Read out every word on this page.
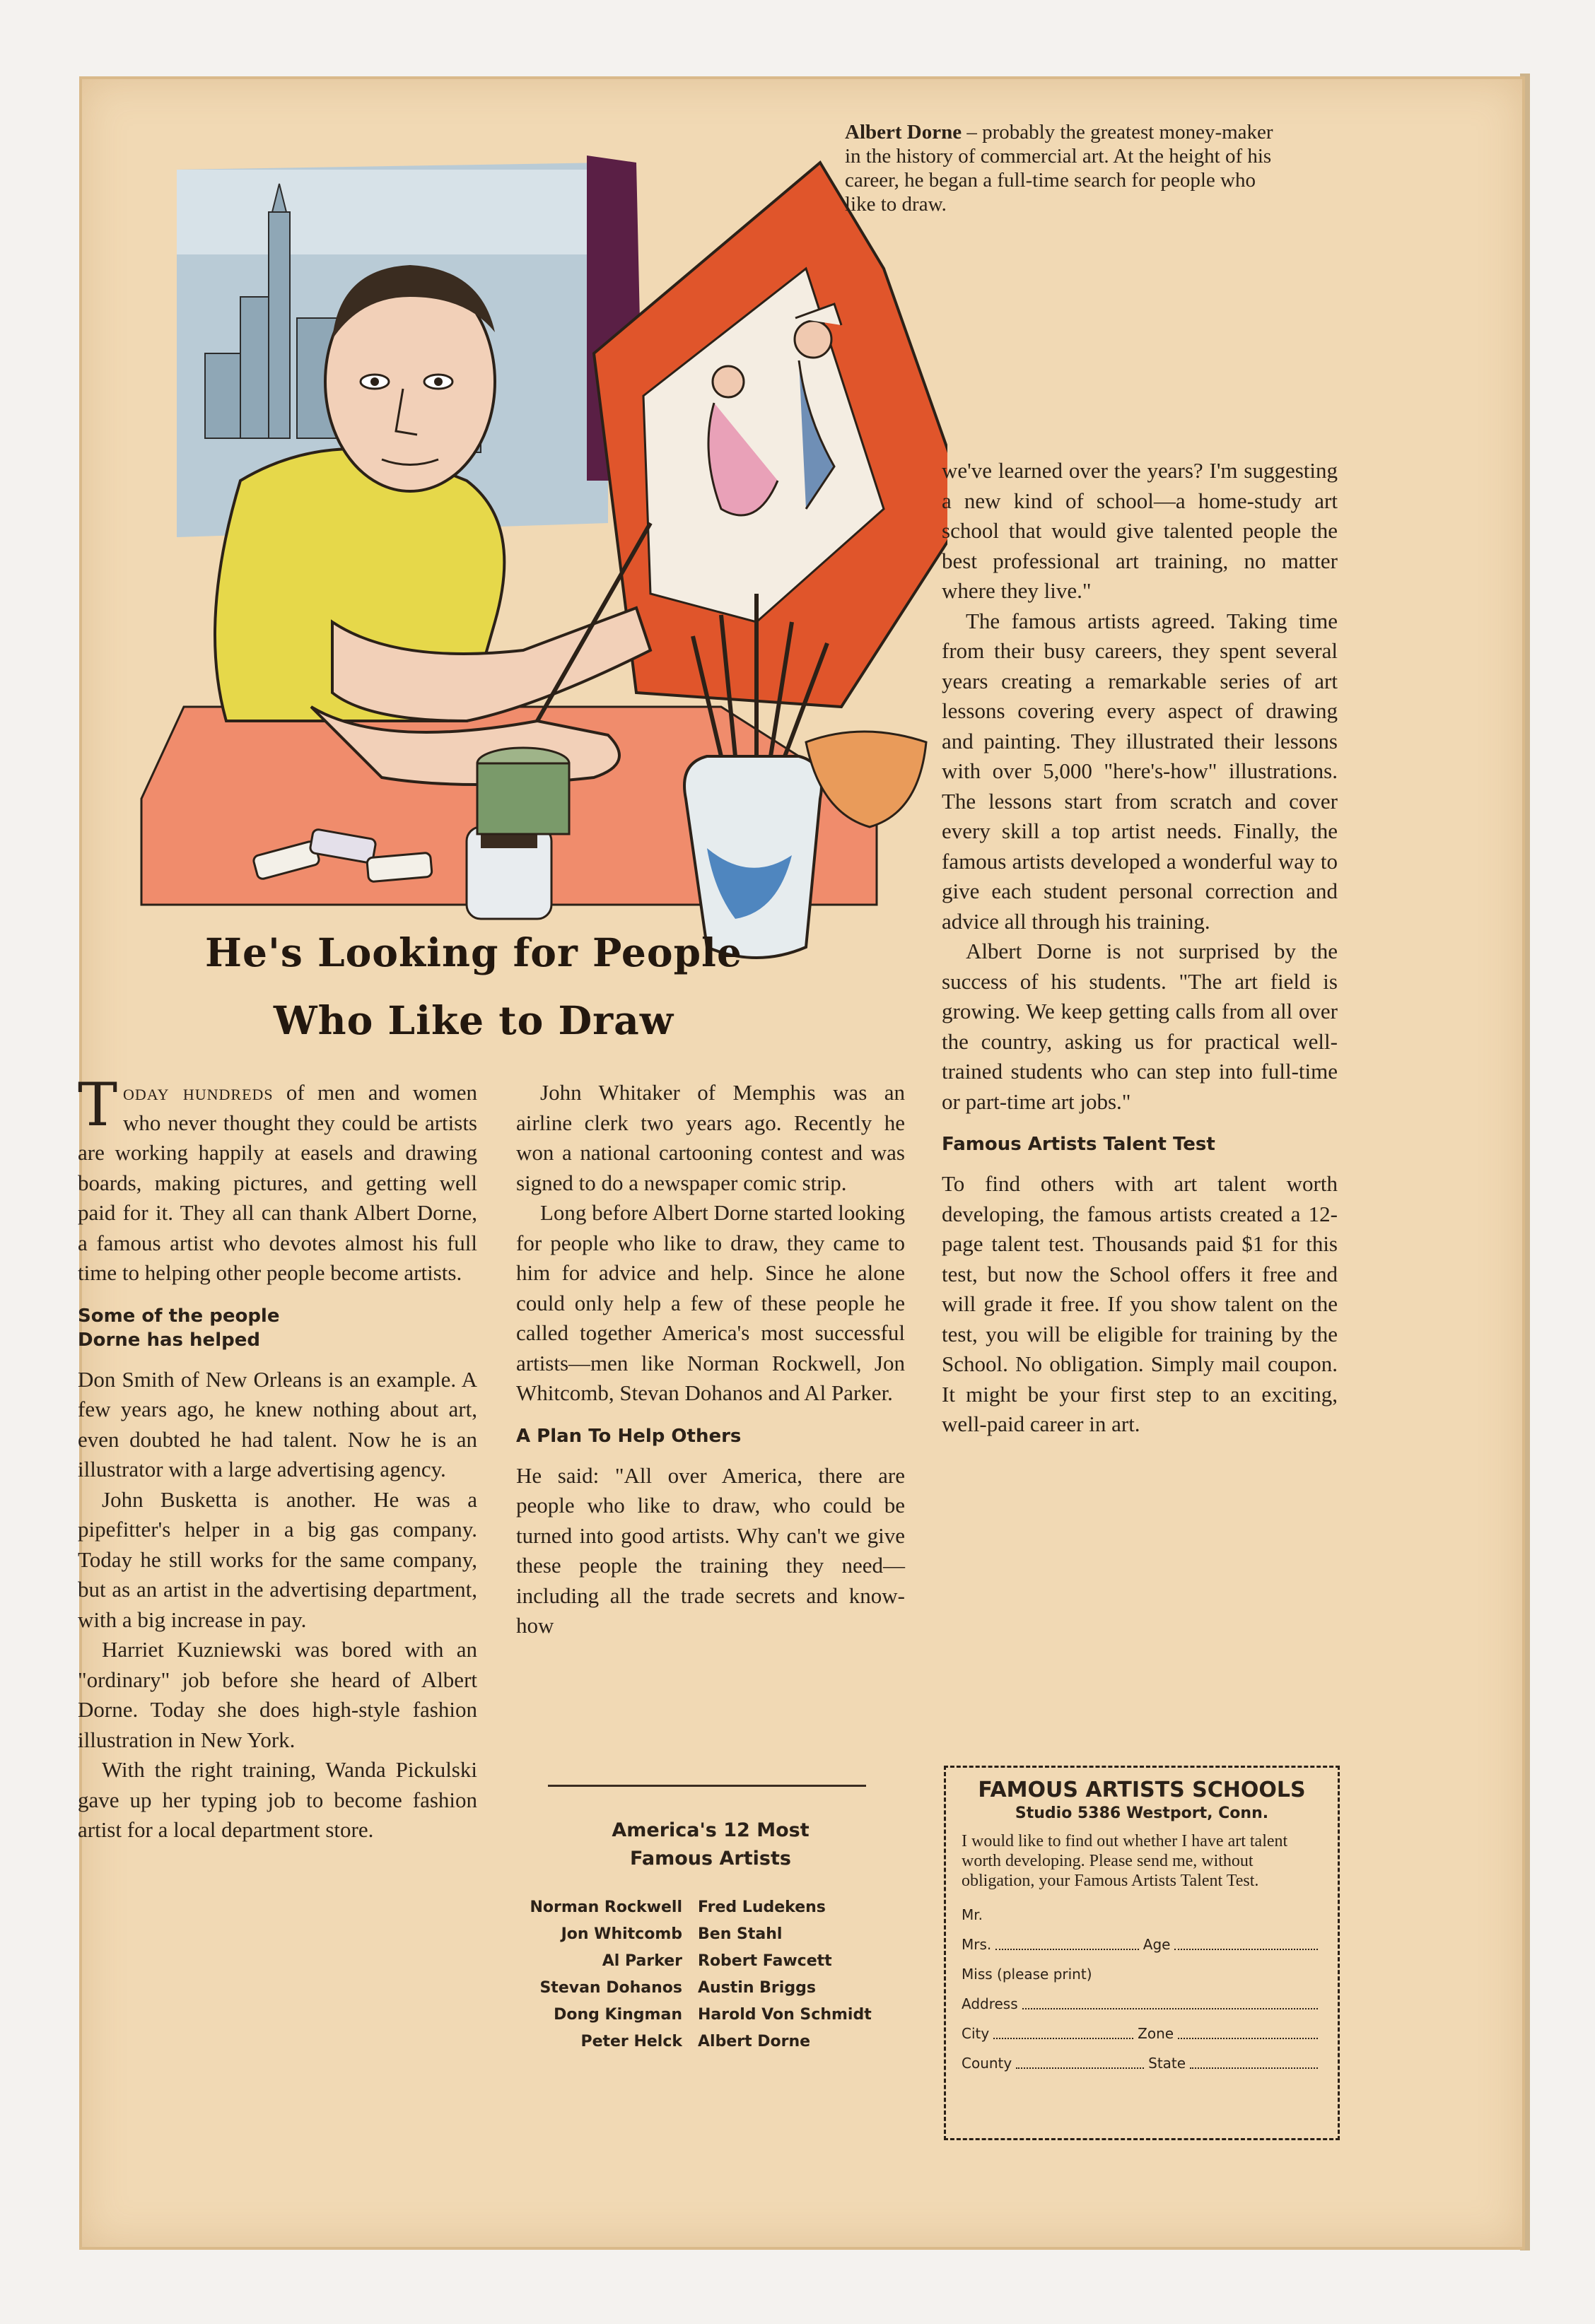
Albert Dorne – probably the greatest money-maker in the history of commercial art. At the height of his career, he began a full-time search for people who like to draw.
He's Looking for People
Who Like to Draw

Today hundreds of men and women who never thought they could be artists are working happily at easels and drawing boards, making pictures, and getting well paid for it. They all can thank Albert Dorne, a famous artist who devotes almost his full time to helping other people become artists.

Some of the people
Dorne has helped

Don Smith of New Orleans is an example. A few years ago, he knew nothing about art, even doubted he had talent. Now he is an illustrator with a large advertising agency.

John Busketta is another. He was a pipefitter's helper in a big gas company. Today he still works for the same company, but as an artist in the advertising department, with a big increase in pay.

Harriet Kuzniewski was bored with an "ordinary" job before she heard of Albert Dorne. Today she does high-style fashion illustration in New York.

With the right training, Wanda Pickulski gave up her typing job to become fashion artist for a local department store.

John Whitaker of Memphis was an airline clerk two years ago. Recently he won a national cartooning contest and was signed to do a newspaper comic strip.

Long before Albert Dorne started looking for people who like to draw, they came to him for advice and help. Since he alone could only help a few of these people he called together America's most successful artists—men like Norman Rockwell, Jon Whitcomb, Stevan Dohanos and Al Parker.

A Plan To Help Others

He said: "All over America, there are people who like to draw, who could be turned into good artists. Why can't we give these people the training they need—including all the trade secrets and know-how

we've learned over the years? I'm suggesting a new kind of school—a home-study art school that would give talented people the best professional art training, no matter where they live."

The famous artists agreed. Taking time from their busy careers, they spent several years creating a remarkable series of art lessons covering every aspect of drawing and painting. They illustrated their lessons with over 5,000 "here's-how" illustrations. The lessons start from scratch and cover every skill a top artist needs. Finally, the famous artists developed a wonderful way to give each student personal correction and advice all through his training.

Albert Dorne is not surprised by the success of his students. "The art field is growing. We keep getting calls from all over the country, asking us for practical well-trained students who can step into full-time or part-time art jobs."

Famous Artists Talent Test

To find others with art talent worth developing, the famous artists created a 12-page talent test. Thousands paid $1 for this test, but now the School offers it free and will grade it free. If you show talent on the test, you will be eligible for training by the School. No obligation. Simply mail coupon. It might be your first step to an exciting, well-paid career in art.

America's 12 Most
Famous Artists
Norman Rockwell	Fred Ludekens
Jon Whitcomb	Ben Stahl
Al Parker	Robert Fawcett
Stevan Dohanos	Austin Briggs
Dong Kingman	Harold Von Schmidt
Peter Helck	Albert Dorne
FAMOUS ARTISTS SCHOOLS
Studio 5386 Westport, Conn.
I would like to find out whether I have art talent worth developing. Please send me, without obligation, your Famous Artists Talent Test.
Mr.
Mrs.	Age
Miss (please print)
Address
City	Zone
County	State
